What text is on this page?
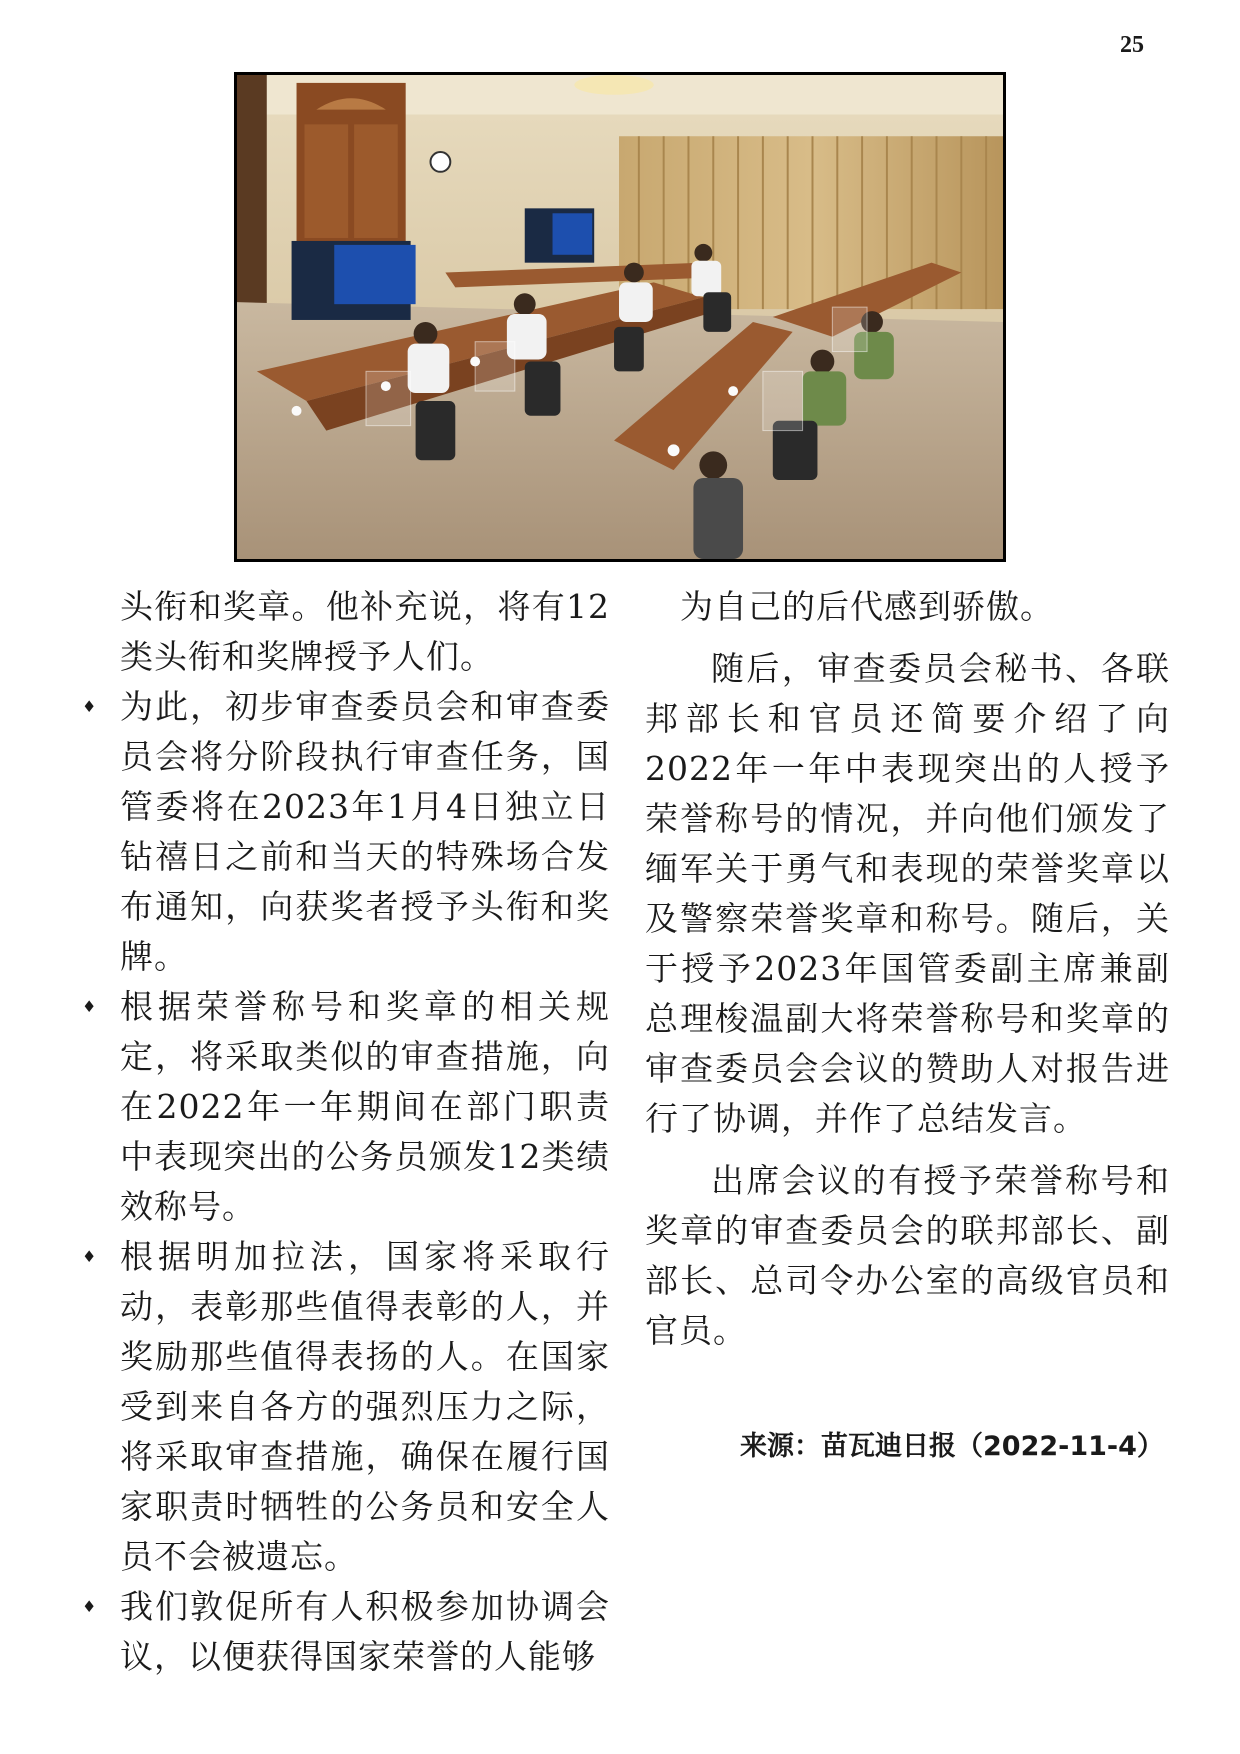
25

头衔和奖章。他补充说，将有12类头衔和奖牌授予人们。

♦ 为此，初步审查委员会和审查委员会将分阶段执行审查任务，国管委将在2023年1月4日独立日钻禧日之前和当天的特殊场合发布通知，向获奖者授予头衔和奖牌。
♦ 根据荣誉称号和奖章的相关规定，将采取类似的审查措施，向在2022年一年期间在部门职责中表现突出的公务员颁发12类绩效称号。
♦ 根据明加拉法，国家将采取行动，表彰那些值得表彰的人，并奖励那些值得表扬的人。在国家受到来自各方的强烈压力之际，将采取审查措施，确保在履行国家职责时牺牲的公务员和安全人员不会被遗忘。
♦ 我们敦促所有人积极参加协调会议，以便获得国家荣誉的人能够

为自己的后代感到骄傲。

随后，审查委员会秘书、各联邦部长和官员还简要介绍了向2022年一年中表现突出的人授予荣誉称号的情况，并向他们颁发了缅军关于勇气和表现的荣誉奖章以及警察荣誉奖章和称号。随后，关于授予2023年国管委副主席兼副总理梭温副大将荣誉称号和奖章的审查委员会会议的赞助人对报告进行了协调，并作了总结发言。

出席会议的有授予荣誉称号和奖章的审查委员会的联邦部长、副部长、总司令办公室的高级官员和官员。

来源：苗瓦迪日报（2022-11-4）
